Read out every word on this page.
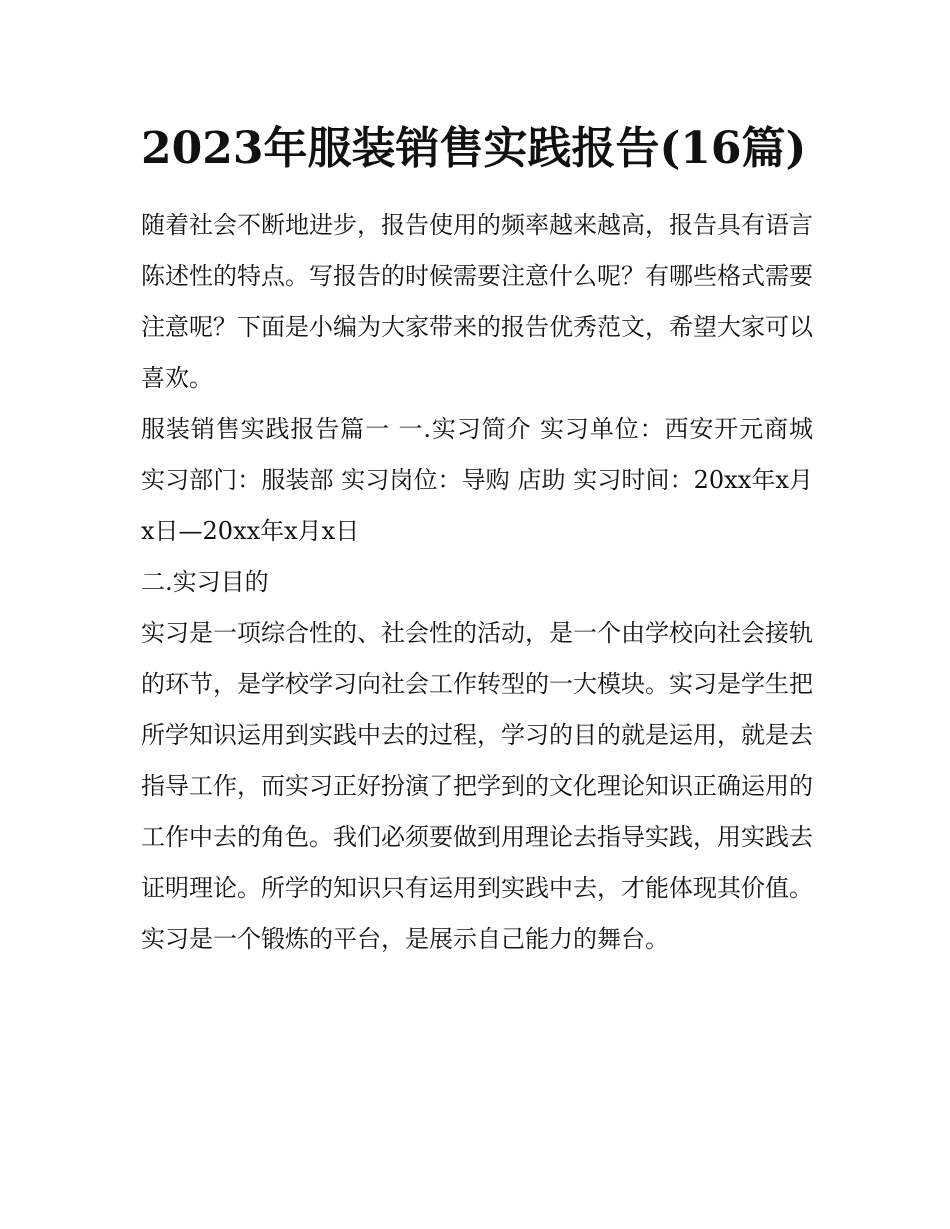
2023年服装销售实践报告(16篇)

随着社会不断地进步，报告使用的频率越来越高，报告具有语言陈述性的特点。写报告的时候需要注意什么呢？有哪些格式需要注意呢？下面是小编为大家带来的报告优秀范文，希望大家可以喜欢。

服装销售实践报告篇一 一.实习简介 实习单位：西安开元商城 实习部门：服装部 实习岗位：导购 店助 实习时间：20xx年x月x日—20xx年x月x日

二.实习目的

实习是一项综合性的、社会性的活动，是一个由学校向社会接轨的环节，是学校学习向社会工作转型的一大模块。实习是学生把所学知识运用到实践中去的过程，学习的目的就是运用，就是去指导工作，而实习正好扮演了把学到的文化理论知识正确运用的工作中去的角色。我们必须要做到用理论去指导实践，用实践去证明理论。所学的知识只有运用到实践中去，才能体现其价值。实习是一个锻炼的平台，是展示自己能力的舞台。
